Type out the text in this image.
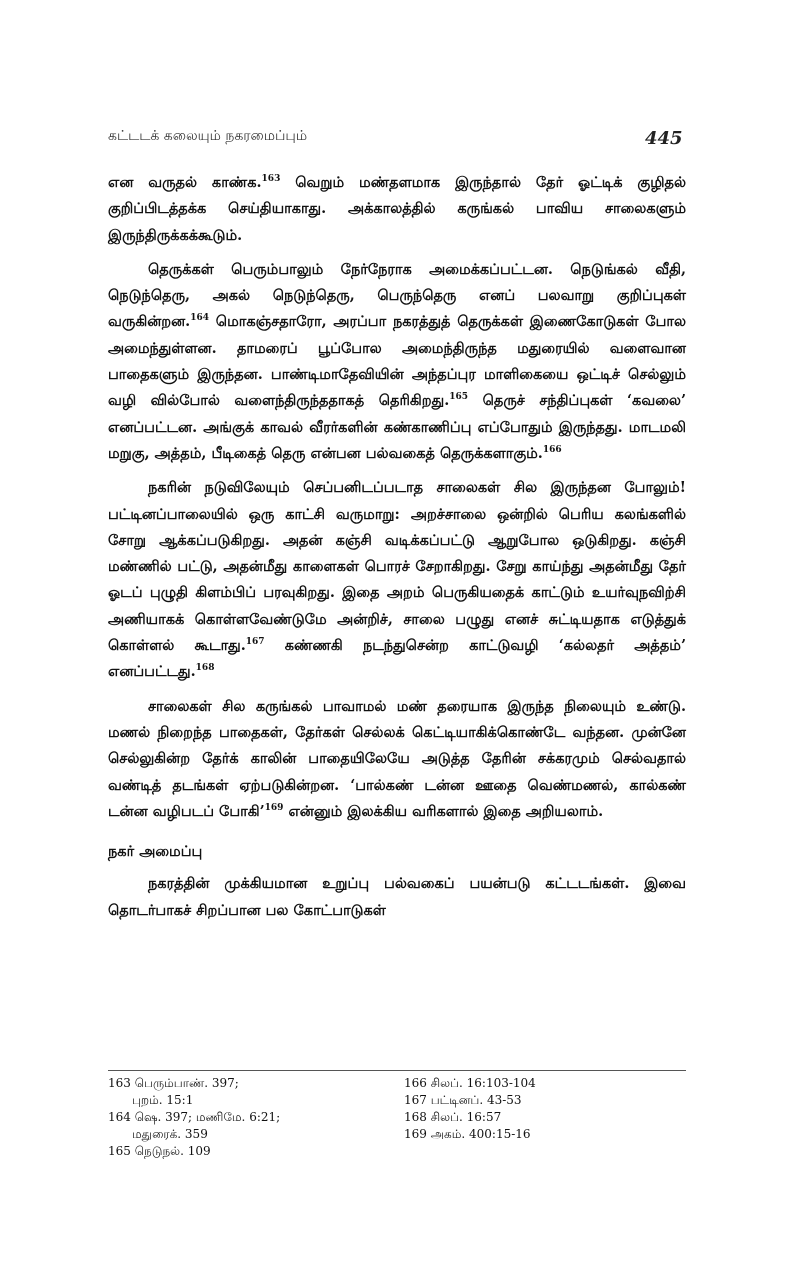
கட்டடக் கலையும் நகரமைப்பும்	445

என வருதல் காண்க.$^{163}$ வெறும் மண்தளமாக இருந்தால் தேர் ஓட்டிக் குழிதல் குறிப்பிடத்தக்க செய்தியாகாது. அக்காலத்தில் கருங்கல் பாவிய சாலைகளும் இருந்திருக்கக்கூடும்.

தெருக்கள் பெரும்பாலும் நேர்நேராக அமைக்கப்பட்டன. நெடுங்கல் வீதி, நெடுந்தெரு, அகல் நெடுந்தெரு, பெருந்தெரு எனப் பலவாறு குறிப்புகள் வருகின்றன.$^{164}$ மொகஞ்சதாரோ, அரப்பா நகரத்துத் தெருக்கள் இணைகோடுகள் போல அமைந்துள்ளன. தாமரைப் பூப்போல அமைந்திருந்த மதுரையில் வளைவான பாதைகளும் இருந்தன. பாண்டிமாதேவியின் அந்தப்புர மாளிகையை ஒட்டிச் செல்லும் வழி வில்போல் வளைந்திருந்ததாகத் தெரிகிறது.$^{165}$ தெருச் சந்திப்புகள் ‘கவலை’ எனப்பட்டன. அங்குக் காவல் வீரர்களின் கண்காணிப்பு எப்போதும் இருந்தது. மாடமலி மறுகு, அத்தம், பீடிகைத் தெரு என்பன பல்வகைத் தெருக்களாகும்.$^{166}$

நகரின் நடுவிலேயும் செப்பனிடப்படாத சாலைகள் சில இருந்தன போலும்! பட்டினப்பாலையில் ஒரு காட்சி வருமாறு: அறச்சாலை ஒன்றில் பெரிய கலங்களில் சோறு ஆக்கப்படுகிறது. அதன் கஞ்சி வடிக்கப்பட்டு ஆறுபோல ஒடுகிறது. கஞ்சி மண்ணில் பட்டு, அதன்மீது காளைகள் பொரச் சேறாகிறது. சேறு காய்ந்து அதன்மீது தேர் ஓடப் புழுதி கிளம்பிப் பரவுகிறது. இதை அறம் பெருகியதைக் காட்டும் உயர்வுநவிற்சி அணியாகக் கொள்ளவேண்டுமே அன்றிச், சாலை பழுது எனச் சுட்டியதாக எடுத்துக் கொள்ளல் கூடாது.$^{167}$ கண்ணகி நடந்துசென்ற காட்டுவழி ‘கல்லதர் அத்தம்’ எனப்பட்டது.$^{168}$

சாலைகள் சில கருங்கல் பாவாமல் மண் தரையாக இருந்த நிலையும் உண்டு. மணல் நிறைந்த பாதைகள், தேர்கள் செல்லக் கெட்டியாகிக்கொண்டே வந்தன. முன்னே செல்லுகின்ற தேர்க் காலின் பாதையிலேயே அடுத்த தேரின் சக்கரமும் செல்வதால் வண்டித் தடங்கள் ஏற்படுகின்றன. ‘பால்கண் டன்ன ஊதை வெண்மணல், கால்கண் டன்ன வழிபடப் போகி’$^{169}$ என்னும் இலக்கிய வரிகளால் இதை அறியலாம்.

நகர் அமைப்பு

நகரத்தின் முக்கியமான உறுப்பு பல்வகைப் பயன்படு கட்டடங்கள். இவை தொடர்பாகச் சிறப்பான பல கோட்பாடுகள்

163 பெரும்பாண். 397;
புறம். 15:1
164 ஷெ. 397; மணிமே. 6:21;
மதுரைக். 359
165 நெடுநல். 109
166 சிலப். 16:103-104
167 பட்டினப். 43-53
168 சிலப். 16:57
169 அகம். 400:15-16
